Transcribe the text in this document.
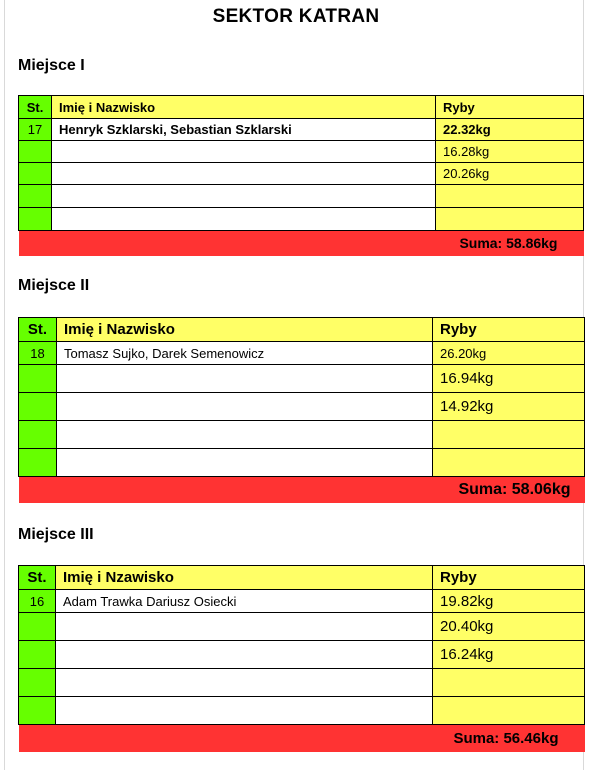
SEKTOR KATRAN
Miejsce I
St.	Imię i Nazwisko	Ryby
17	Henryk Szklarski, Sebastian Szklarski	22.32kg
		16.28kg
		20.26kg

Suma: 58.86kg		
Miejsce II
St.	Imię i Nazwisko	Ryby
18	Tomasz Sujko, Darek Semenowicz	26.20kg
		16.94kg
		14.92kg

Suma: 58.06kg		
Miejsce III
St.	Imię i Nzawisko	Ryby
16	Adam Trawka Dariusz Osiecki	19.82kg
		20.40kg
		16.24kg

Suma: 56.46kg		
